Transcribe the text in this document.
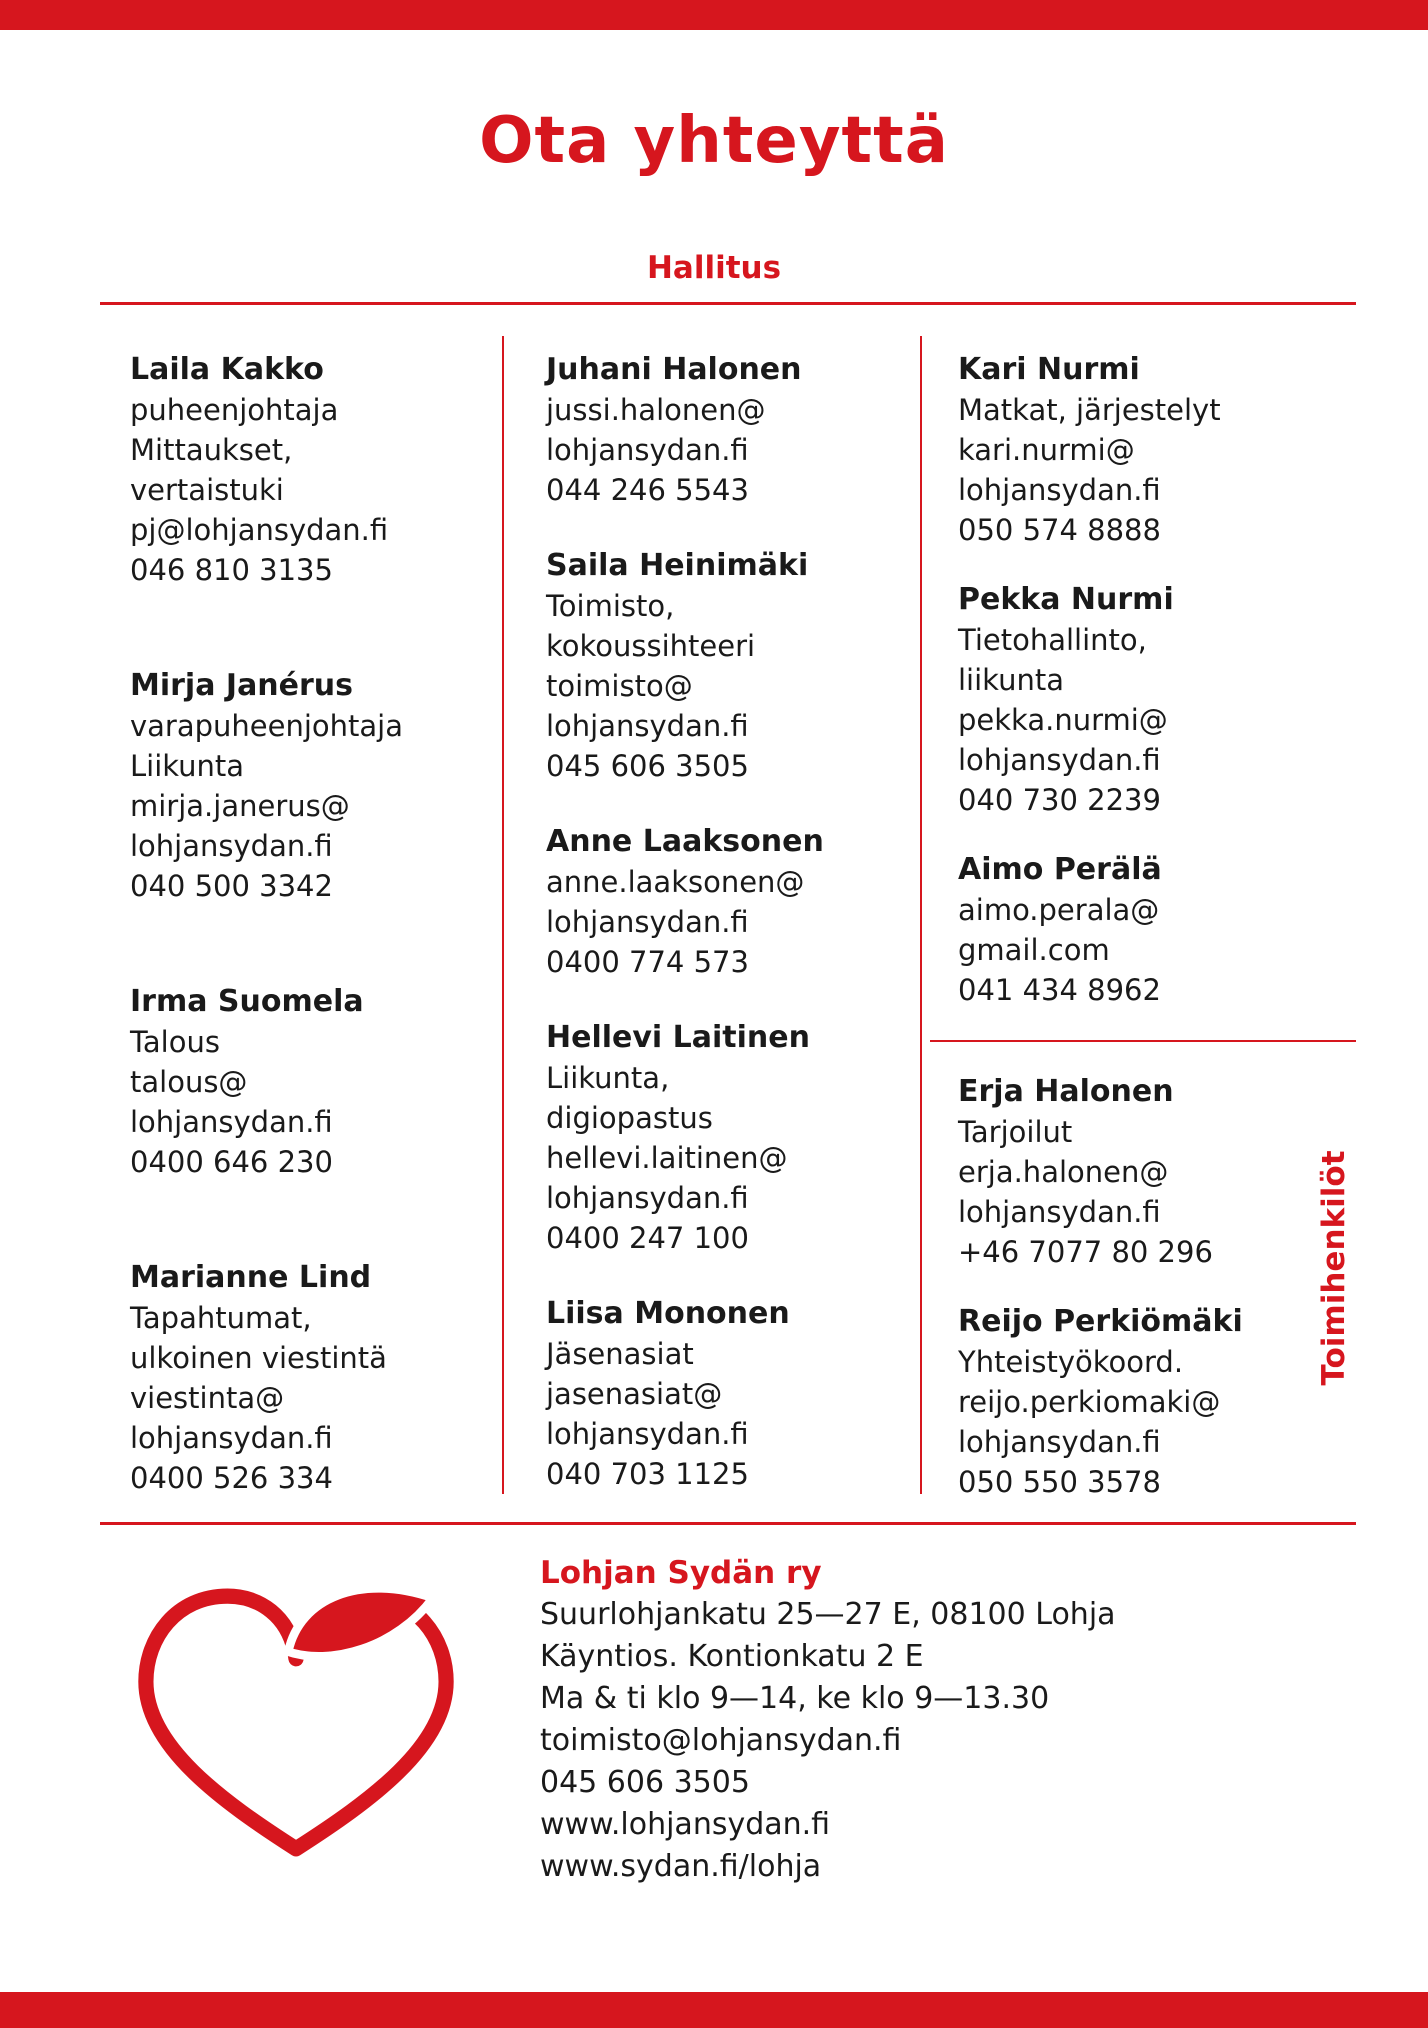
Ota yhteyttä
Hallitus
Laila Kakko
puheenjohtaja
Mittaukset,
vertaistuki
pj@lohjansydan.fi
046 810 3135
Mirja Janérus
varapuheenjohtaja
Liikunta
mirja.janerus@
lohjansydan.fi
040 500 3342
Irma Suomela
Talous
talous@
lohjansydan.fi
0400 646 230
Marianne Lind
Tapahtumat,
ulkoinen viestintä
viestinta@
lohjansydan.fi
0400 526 334
Juhani Halonen
jussi.halonen@
lohjansydan.fi
044 246 5543
Saila Heinimäki
Toimisto,
kokoussihteeri
toimisto@
lohjansydan.fi
045 606 3505
Anne Laaksonen
anne.laaksonen@
lohjansydan.fi
0400 774 573
Hellevi Laitinen
Liikunta,
digiopastus
hellevi.laitinen@
lohjansydan.fi
0400 247 100
Liisa Mononen
Jäsenasiat
jasenasiat@
lohjansydan.fi
040 703 1125
Kari Nurmi
Matkat, järjestelyt
kari.nurmi@
lohjansydan.fi
050 574 8888
Pekka Nurmi
Tietohallinto,
liikunta
pekka.nurmi@
lohjansydan.fi
040 730 2239
Aimo Perälä
aimo.perala@
gmail.com
041 434 8962
Erja Halonen
Tarjoilut
erja.halonen@
lohjansydan.fi
+46 7077 80 296
Reijo Perkiömäki
Yhteistyökoord.
reijo.perkiomaki@
lohjansydan.fi
050 550 3578
Toimihenkilöt
Lohjan Sydän ry
Suurlohjankatu 25—27 E, 08100 Lohja
Käyntios. Kontionkatu 2 E
Ma & ti klo 9—14, ke klo 9—13.30
toimisto@lohjansydan.fi
045 606 3505
www.lohjansydan.fi
www.sydan.fi/lohja
